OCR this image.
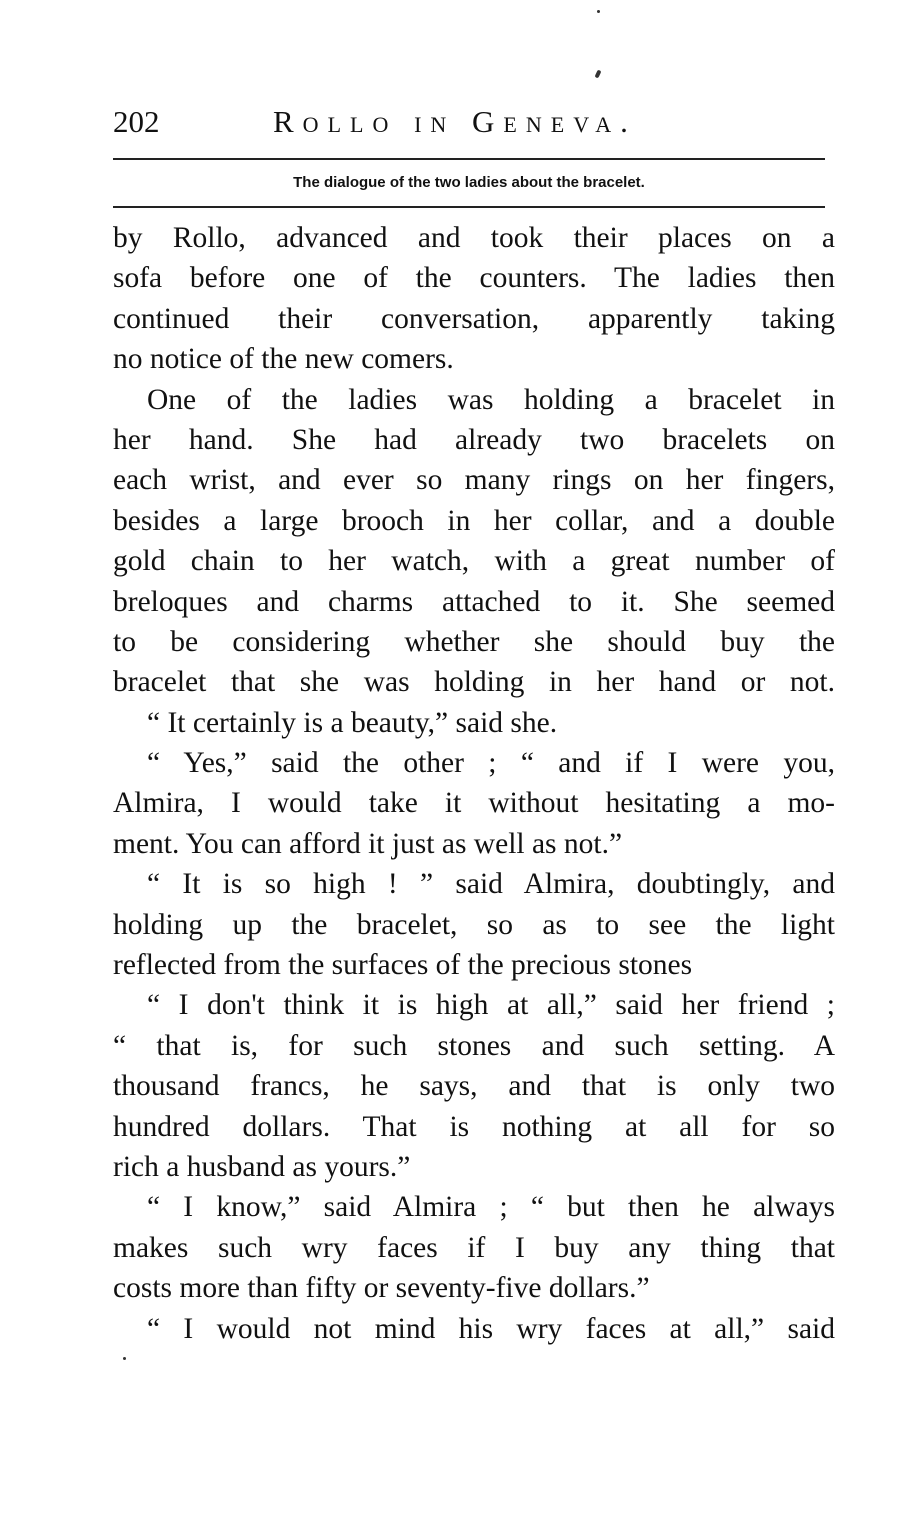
202	Rollo in Geneva.
The dialogue of the two ladies about the bracelet.
by Rollo, advanced and took their places on a
sofa before one of the counters. The ladies then
continued their conversation, apparently taking
no notice of the new comers.
One of the ladies was holding a bracelet in
her hand. She had already two bracelets on
each wrist, and ever so many rings on her fingers,
besides a large brooch in her collar, and a double
gold chain to her watch, with a great number of
breloques and charms attached to it. She seemed
to be considering whether she should buy the
bracelet that she was holding in her hand or not.
“ It certainly is a beauty,” said she.
“ Yes,” said the other ; “ and if I were you,
Almira, I would take it without hesitating a mo-
ment. You can afford it just as well as not.”
“ It is so high ! ” said Almira, doubtingly, and
holding up the bracelet, so as to see the light
reflected from the surfaces of the precious stones
“ I don't think it is high at all,” said her friend ;
“ that is, for such stones and such setting. A
thousand francs, he says, and that is only two
hundred dollars. That is nothing at all for so
rich a husband as yours.”
“ I know,” said Almira ; “ but then he always
makes such wry faces if I buy any thing that
costs more than fifty or seventy-five dollars.”
“ I would not mind his wry faces at all,” said
